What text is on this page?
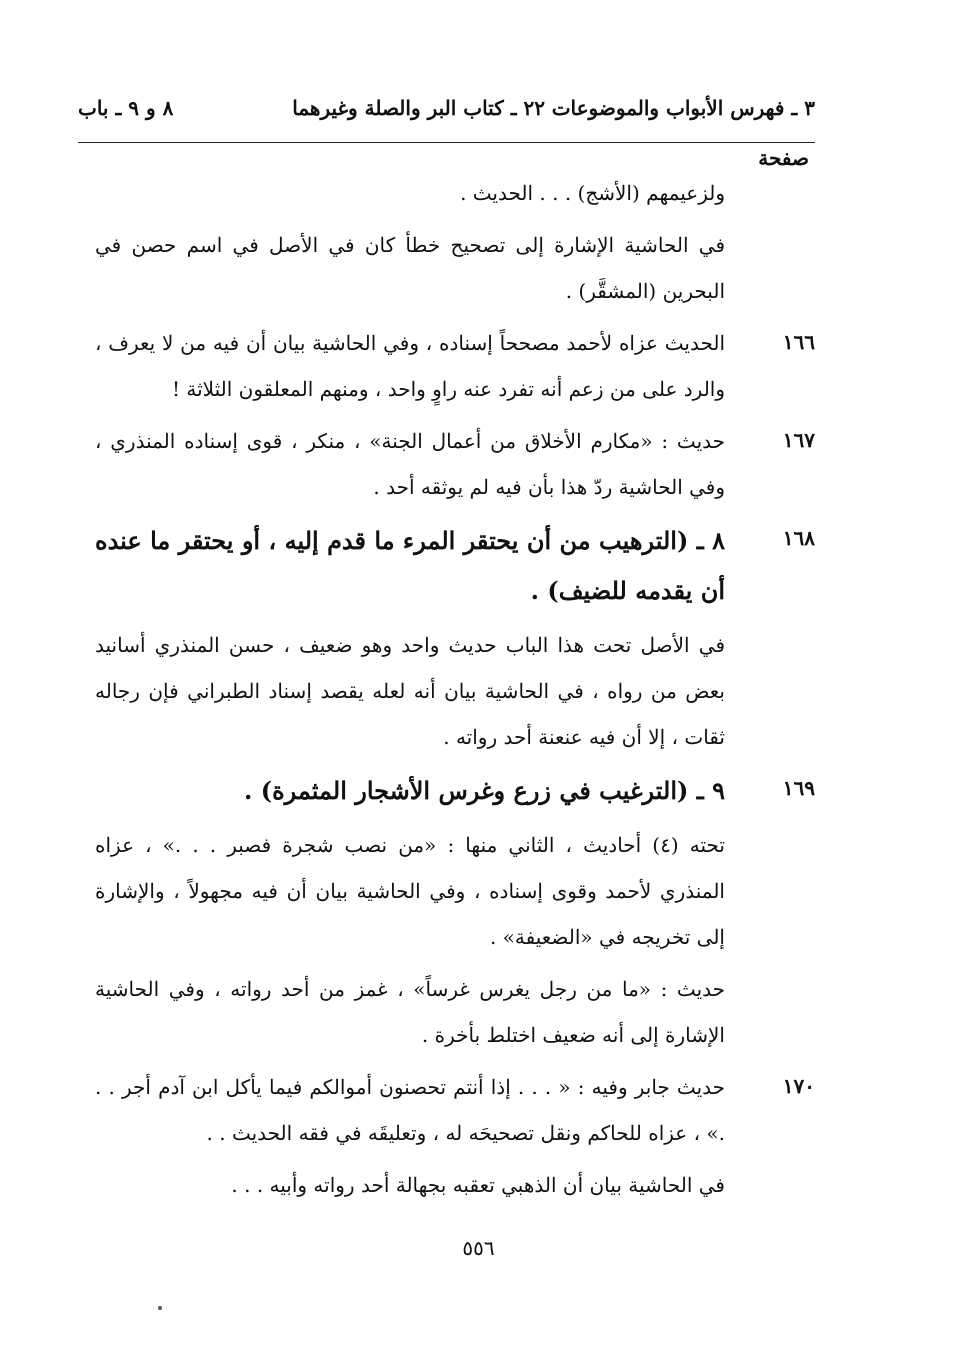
٣ ـ فهرس الأبواب والموضوعات
٢٢ ـ كتاب البر والصلة وغيرهما
٨ و ٩ ـ باب
صفحة
ولزعيمهم (الأشج) . . . الحديث .
في الحاشية الإشارة إلى تصحيح خطأ كان في الأصل في اسم حصن في البحرين (المشقَّر) .
١٦٦
الحديث عزاه لأحمد مصححاً إسناده ، وفي الحاشية بيان أن فيه من لا يعرف ، والرد على من زعم أنه تفرد عنه راوٍ واحد ، ومنهم المعلقون الثلاثة !
١٦٧
حديث : «مكارم الأخلاق من أعمال الجنة» ، منكر ، قوى إسناده المنذري ، وفي الحاشية ردّ هذا بأن فيه لم يوثقه أحد .
١٦٨
٨ ـ (الترهيب من أن يحتقر المرء ما قدم إليه ، أو يحتقر ما عنده أن يقدمه للضيف) .
في الأصل تحت هذا الباب حديث واحد وهو ضعيف ، حسن المنذري أسانيد بعض من رواه ، في الحاشية بيان أنه لعله يقصد إسناد الطبراني فإن رجاله ثقات ، إلا أن فيه عنعنة أحد رواته .
١٦٩
٩ ـ (الترغيب في زرع وغرس الأشجار المثمرة) .
تحته (٤) أحاديث ، الثاني منها : «من نصب شجرة فصبر . . .» ، عزاه المنذري لأحمد وقوى إسناده ، وفي الحاشية بيان أن فيه مجهولاً ، والإشارة إلى تخريجه في «الضعيفة» .
حديث : «ما من رجل يغرس غرساً» ، غمز من أحد رواته ، وفي الحاشية الإشارة إلى أنه ضعيف اختلط بأخرة .
١٧٠
حديث جابر وفيه : « . . . إذا أنتم تحصنون أموالكم فيما يأكل ابن آدم أجر . . .» ، عزاه للحاكم ونقل تصحيحَه له ، وتعليقَه في فقه الحديث . .
في الحاشية بيان أن الذهبي تعقبه بجهالة أحد رواته وأبيه . . .
٥٥٦
